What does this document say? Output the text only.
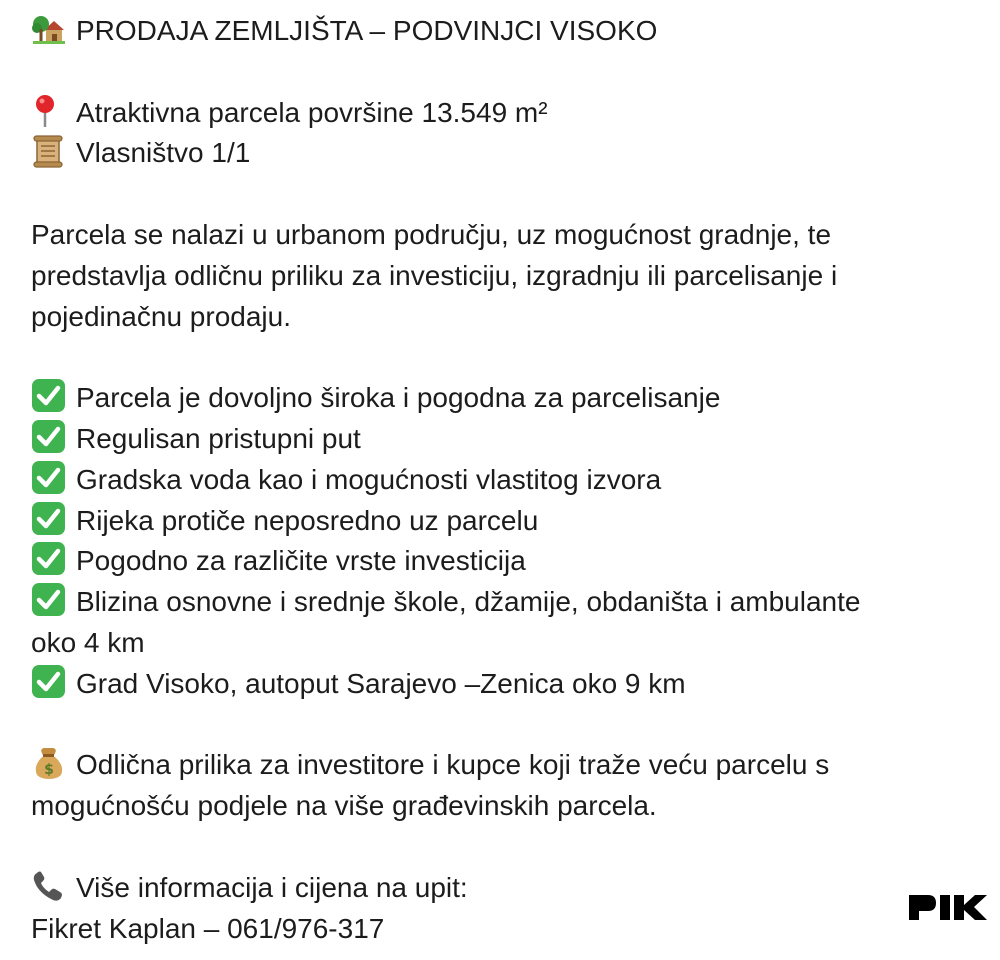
PRODAJA ZEMLJIŠTA – PODVINJCI VISOKO
Atraktivna parcela površine 13.549 m²
Vlasništvo 1/1
Parcela se nalazi u urbanom području, uz mogućnost gradnje, te
predstavlja odličnu priliku za investiciju, izgradnju ili parcelisanje i
pojedinačnu prodaju.
Parcela je dovoljno široka i pogodna za parcelisanje
Regulisan pristupni put
Gradska voda kao i mogućnosti vlastitog izvora
Rijeka protiče neposredno uz parcelu
Pogodno za različite vrste investicija
Blizina osnovne i srednje škole, džamije, obdaništa i ambulante
oko 4 km
Grad Visoko, autoput Sarajevo –Zenica oko 9 km
$ Odlična prilika za investitore i kupce koji traže veću parcelu s
mogućnošću podjele na više građevinskih parcela.
Više informacija i cijena na upit:
Fikret Kaplan – 061/976-317
